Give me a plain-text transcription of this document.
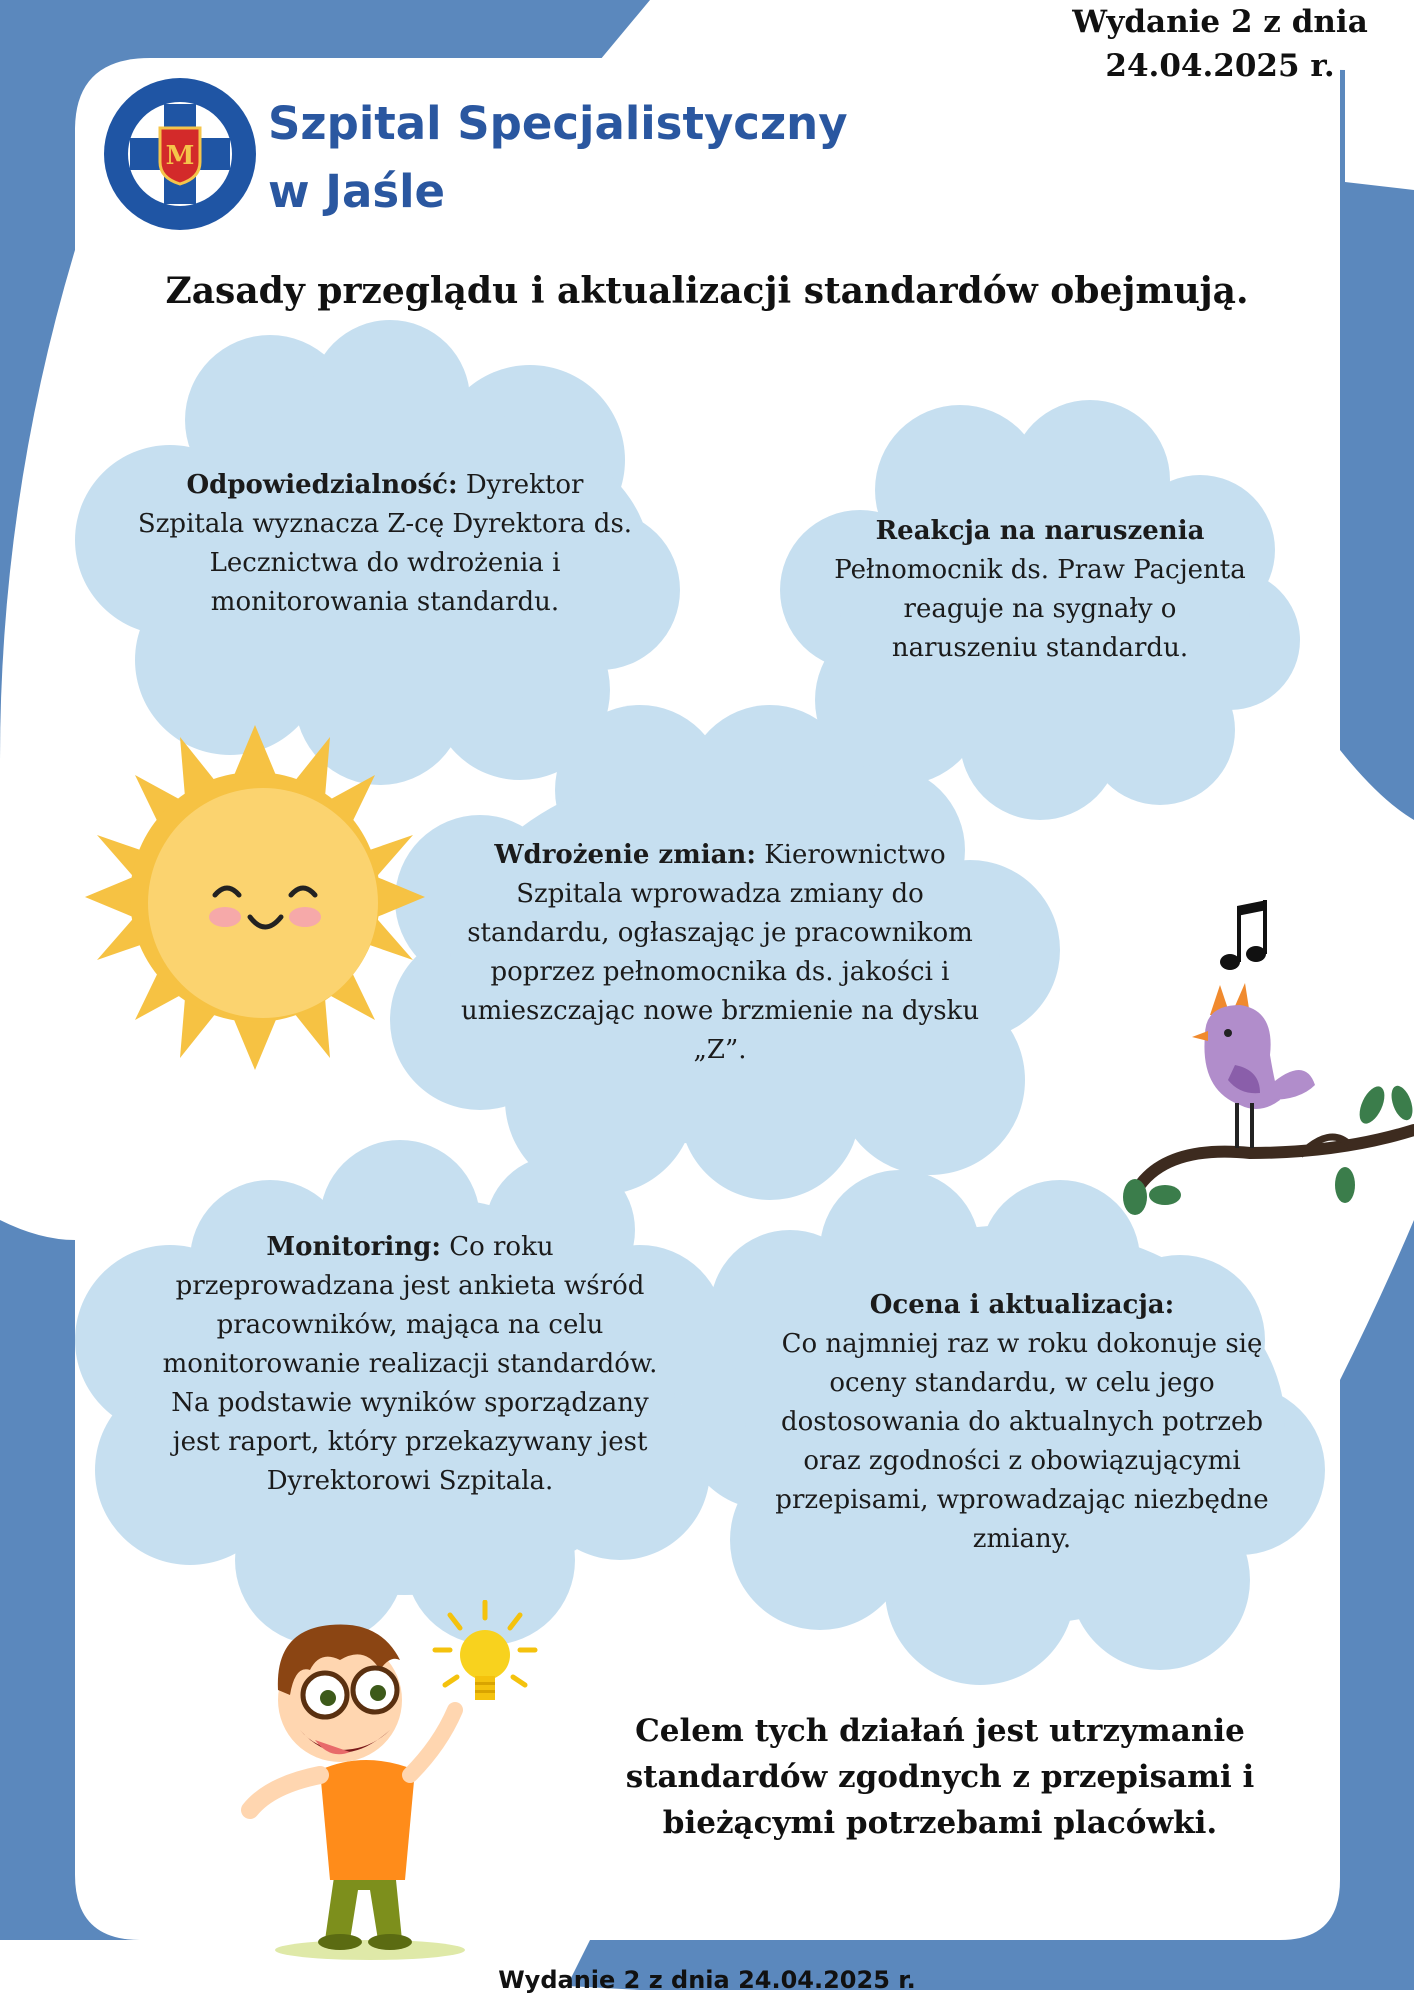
Wydanie 2 z dnia 24.04.2025 r.
M
Szpital Specjalistyczny
w Jaśle
Zasady przeglądu i aktualizacji standardów obejmują.
Odpowiedzialność: Dyrektor Szpitala wyznacza Z-cę Dyrektora ds. Lecznictwa do wdrożenia i monitorowania standardu.
Reakcja na naruszenia Pełnomocnik ds. Praw Pacjenta reaguje na sygnały o naruszeniu standardu.
Wdrożenie zmian: Kierownictwo Szpitala wprowadza zmiany do standardu, ogłaszając je pracownikom poprzez pełnomocnika ds. jakości i umieszczając nowe brzmienie na dysku „Z”.
Monitoring: Co roku przeprowadzana jest ankieta wśród pracowników, mająca na celu monitorowanie realizacji standardów. Na podstawie wyników sporządzany jest raport, który przekazywany jest Dyrektorowi Szpitala.
Ocena i aktualizacja:
Co najmniej raz w roku dokonuje się oceny standardu, w celu jego dostosowania do aktualnych potrzeb oraz zgodności z obowiązującymi przepisami, wprowadzając niezbędne zmiany.
Celem tych działań jest utrzymanie standardów zgodnych z przepisami i bieżącymi potrzebami placówki.
Wydanie 2 z dnia 24.04.2025 r.
